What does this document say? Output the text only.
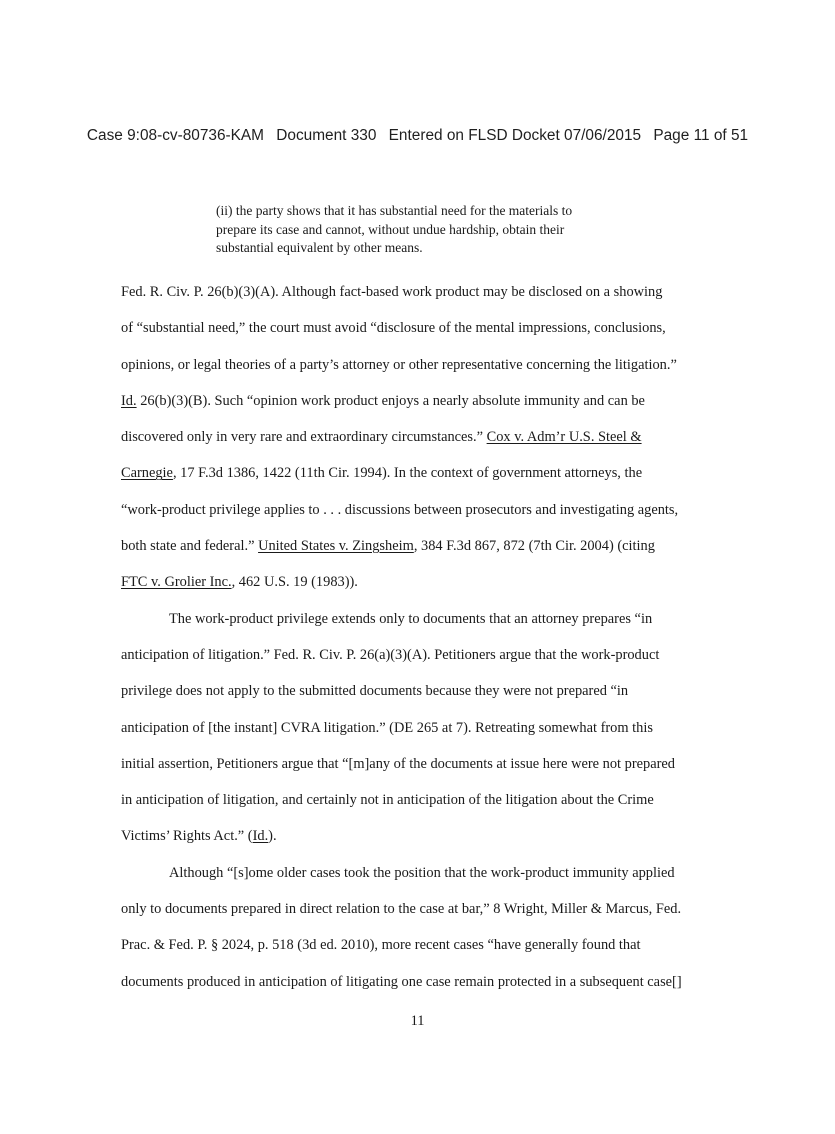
Case 9:08-cv-80736-KAM Document 330 Entered on FLSD Docket 07/06/2015 Page 11 of 51
(ii) the party shows that it has substantial need for the materials to
prepare its case and cannot, without undue hardship, obtain their
substantial equivalent by other means.
Fed. R. Civ. P. 26(b)(3)(A). Although fact-based work product may be disclosed on a showing
of “substantial need,” the court must avoid “disclosure of the mental impressions, conclusions,
opinions, or legal theories of a party’s attorney or other representative concerning the litigation.”
Id. 26(b)(3)(B). Such “opinion work product enjoys a nearly absolute immunity and can be
discovered only in very rare and extraordinary circumstances.” Cox v. Adm’r U.S. Steel &
Carnegie, 17 F.3d 1386, 1422 (11th Cir. 1994). In the context of government attorneys, the
“work-product privilege applies to . . . discussions between prosecutors and investigating agents,
both state and federal.” United States v. Zingsheim, 384 F.3d 867, 872 (7th Cir. 2004) (citing
FTC v. Grolier Inc., 462 U.S. 19 (1983)).
The work-product privilege extends only to documents that an attorney prepares “in
anticipation of litigation.” Fed. R. Civ. P. 26(a)(3)(A). Petitioners argue that the work-product
privilege does not apply to the submitted documents because they were not prepared “in
anticipation of [the instant] CVRA litigation.” (DE 265 at 7). Retreating somewhat from this
initial assertion, Petitioners argue that “[m]any of the documents at issue here were not prepared
in anticipation of litigation, and certainly not in anticipation of the litigation about the Crime
Victims’ Rights Act.” (Id.).
Although “[s]ome older cases took the position that the work-product immunity applied
only to documents prepared in direct relation to the case at bar,” 8 Wright, Miller & Marcus, Fed.
Prac. & Fed. P. § 2024, p. 518 (3d ed. 2010), more recent cases “have generally found that
documents produced in anticipation of litigating one case remain protected in a subsequent case[]
11
